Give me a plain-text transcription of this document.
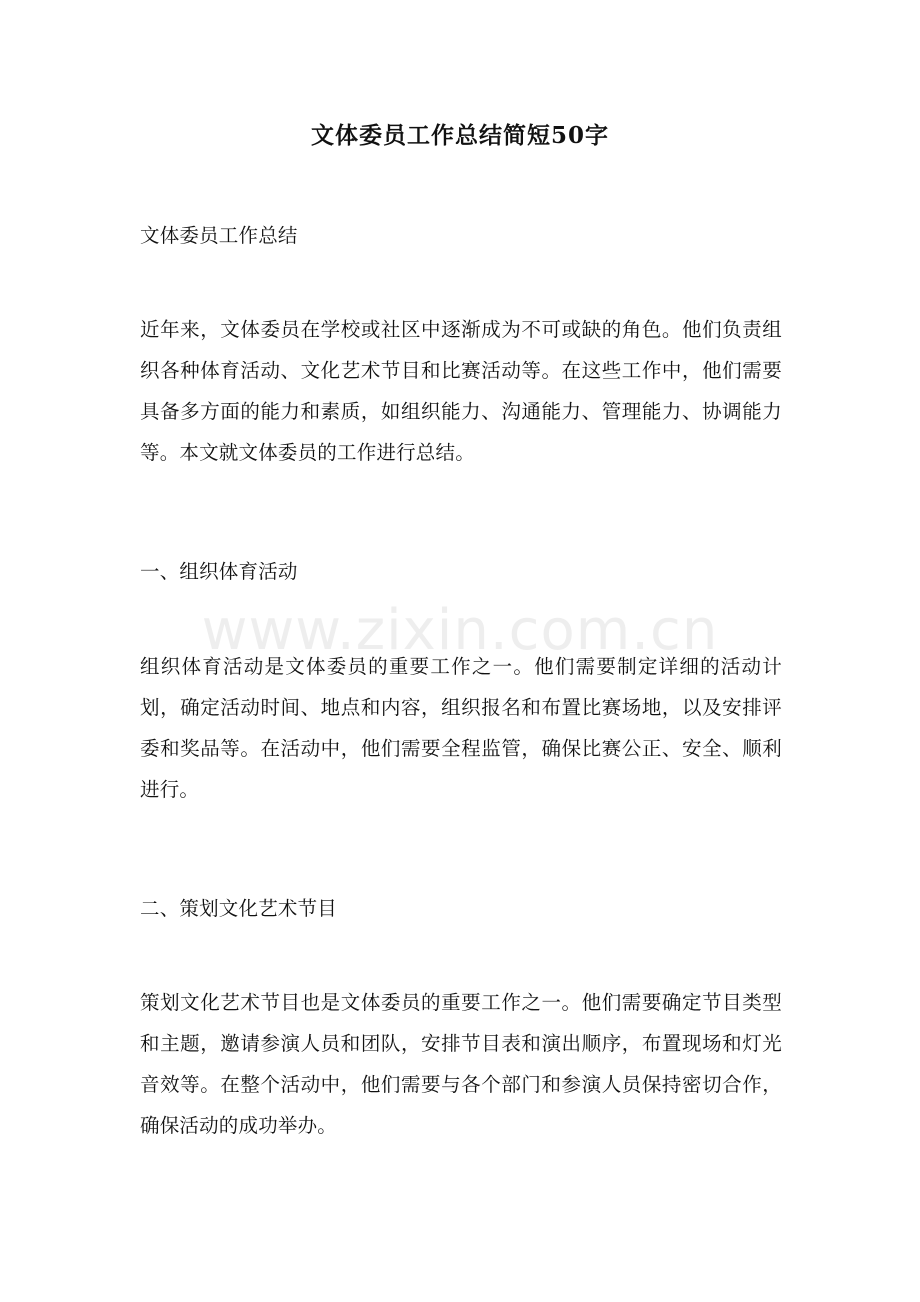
文体委员工作总结简短50字

文体委员工作总结

近年来，文体委员在学校或社区中逐渐成为不可或缺的角色。他们负责组织各种体育活动、文化艺术节目和比赛活动等。在这些工作中，他们需要具备多方面的能力和素质，如组织能力、沟通能力、管理能力、协调能力等。本文就文体委员的工作进行总结。

一、组织体育活动

组织体育活动是文体委员的重要工作之一。他们需要制定详细的活动计划，确定活动时间、地点和内容，组织报名和布置比赛场地，以及安排评委和奖品等。在活动中，他们需要全程监管，确保比赛公正、安全、顺利进行。

二、策划文化艺术节目

策划文化艺术节目也是文体委员的重要工作之一。他们需要确定节目类型和主题，邀请参演人员和团队，安排节目表和演出顺序，布置现场和灯光音效等。在整个活动中，他们需要与各个部门和参演人员保持密切合作，确保活动的成功举办。

www.zixin.com.cn
